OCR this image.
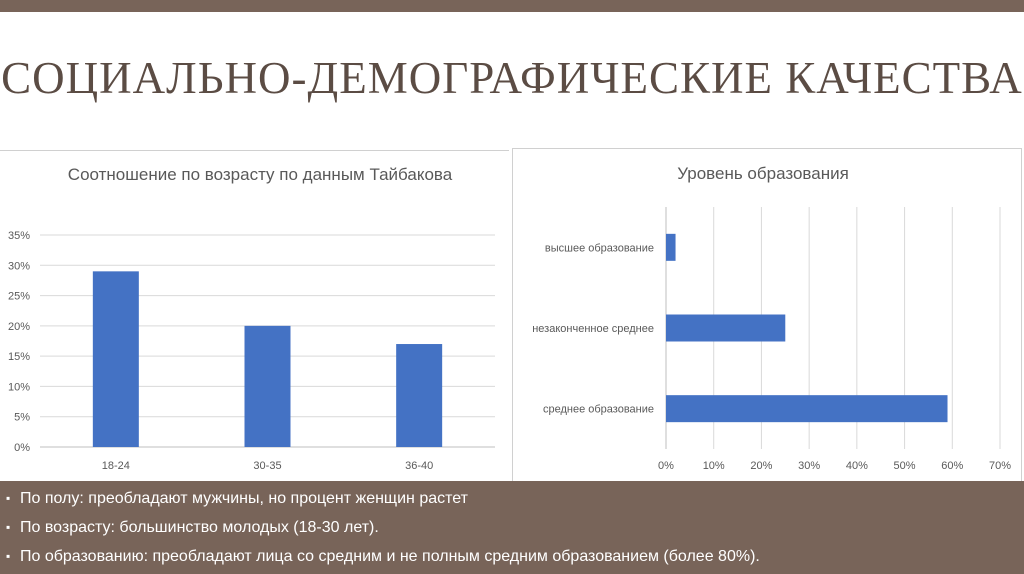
СОЦИАЛЬНО-ДЕМОГРАФИЧЕСКИЕ КАЧЕСТВА
Соотношение по возрасту по данным Тайбакова
0%
5%
10%
15%
20%
25%
30%
35%
18-24	30-35	36-40
Уровень образования
0%	10% 20% 30% 40% 50% 60% 70%
высшее образование
незаконченное среднее
среднее образование
▪ По полу: преобладают мужчины, но процент женщин растет
▪ По возрасту: большинство молодых (18-30 лет).
▪ По образованию: преобладают лица со средним и не полным средним образованием (более 80%).
